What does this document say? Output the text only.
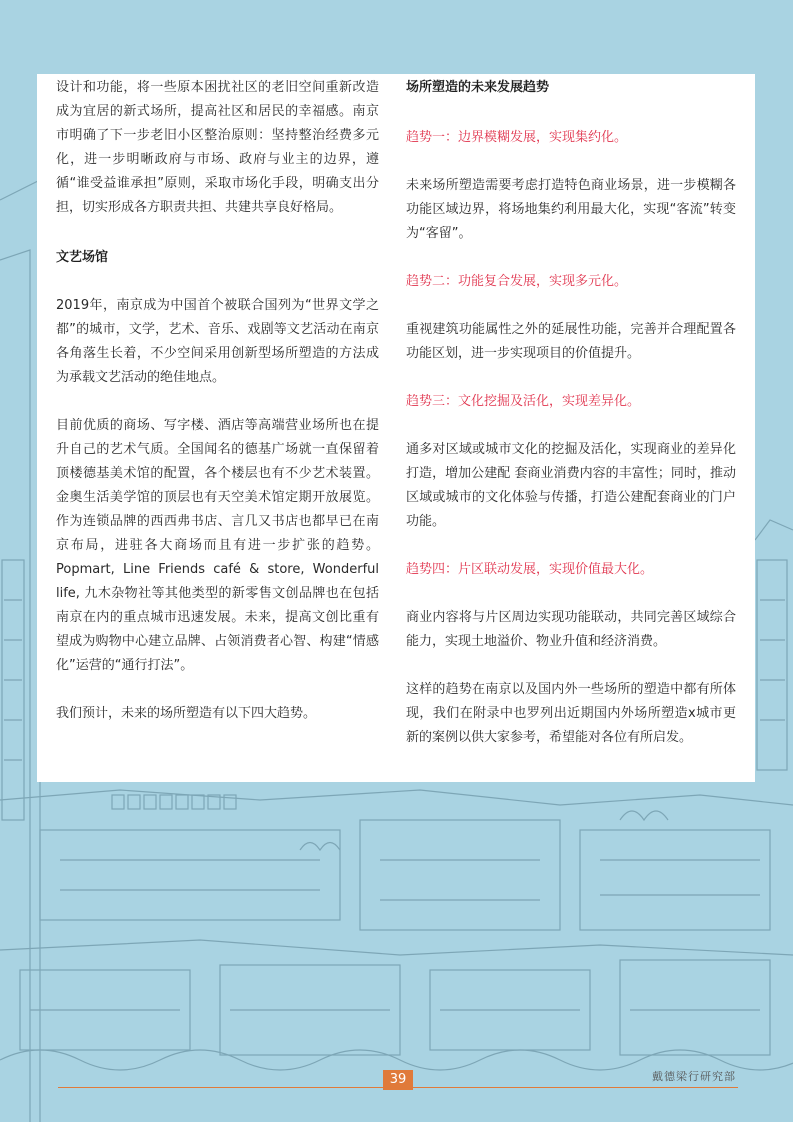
设计和功能，将一些原本困扰社区的老旧空间重新改造成为宜居的新式场所，提高社区和居民的幸福感。南京市明确了下一步老旧小区整治原则：坚持整治经费多元化，进一步明晰政府与市场、政府与业主的边界，遵循“谁受益谁承担”原则，采取市场化手段，明确支出分担，切实形成各方职责共担、共建共享良好格局。

文艺场馆

2019年，南京成为中国首个被联合国列为“世界文学之都”的城市，文学，艺术、音乐、戏剧等文艺活动在南京各角落生长着，不少空间采用创新型场所塑造的方法成为承载文艺活动的绝佳地点。

目前优质的商场、写字楼、酒店等高端营业场所也在提升自己的艺术气质。全国闻名的德基广场就一直保留着顶楼德基美术馆的配置，各个楼层也有不少艺术装置。金奥生活美学馆的顶层也有天空美术馆定期开放展览。作为连锁品牌的西西弗书店、言几又书店也都早已在南京布局，进驻各大商场而且有进一步扩张的趋势。Popmart, Line Friends café & store, Wonderful life, 九木杂物社等其他类型的新零售文创品牌也在包括南京在内的重点城市迅速发展。未来，提高文创比重有望成为购物中心建立品牌、占领消费者心智、构建“情感化”运营的“通行打法”。

我们预计，未来的场所塑造有以下四大趋势。

场所塑造的未来发展趋势

趋势一：边界模糊发展，实现集约化。

未来场所塑造需要考虑打造特色商业场景，进一步模糊各功能区域边界，将场地集约利用最大化，实现“客流”转变为“客留”。

趋势二：功能复合发展，实现多元化。

重视建筑功能属性之外的延展性功能，完善并合理配置各功能区划，进一步实现项目的价值提升。

趋势三：文化挖掘及活化，实现差异化。

通多对区域或城市文化的挖掘及活化，实现商业的差异化打造，增加公建配 套商业消费内容的丰富性；同时，推动区域或城市的文化体验与传播，打造公建配套商业的门户功能。

趋势四：片区联动发展，实现价值最大化。

商业内容将与片区周边实现功能联动，共同完善区域综合能力，实现土地溢价、物业升值和经济消费。

这样的趋势在南京以及国内外一些场所的塑造中都有所体现，我们在附录中也罗列出近期国内外场所塑造x城市更新的案例以供大家参考，希望能对各位有所启发。

39	戴德梁行研究部
